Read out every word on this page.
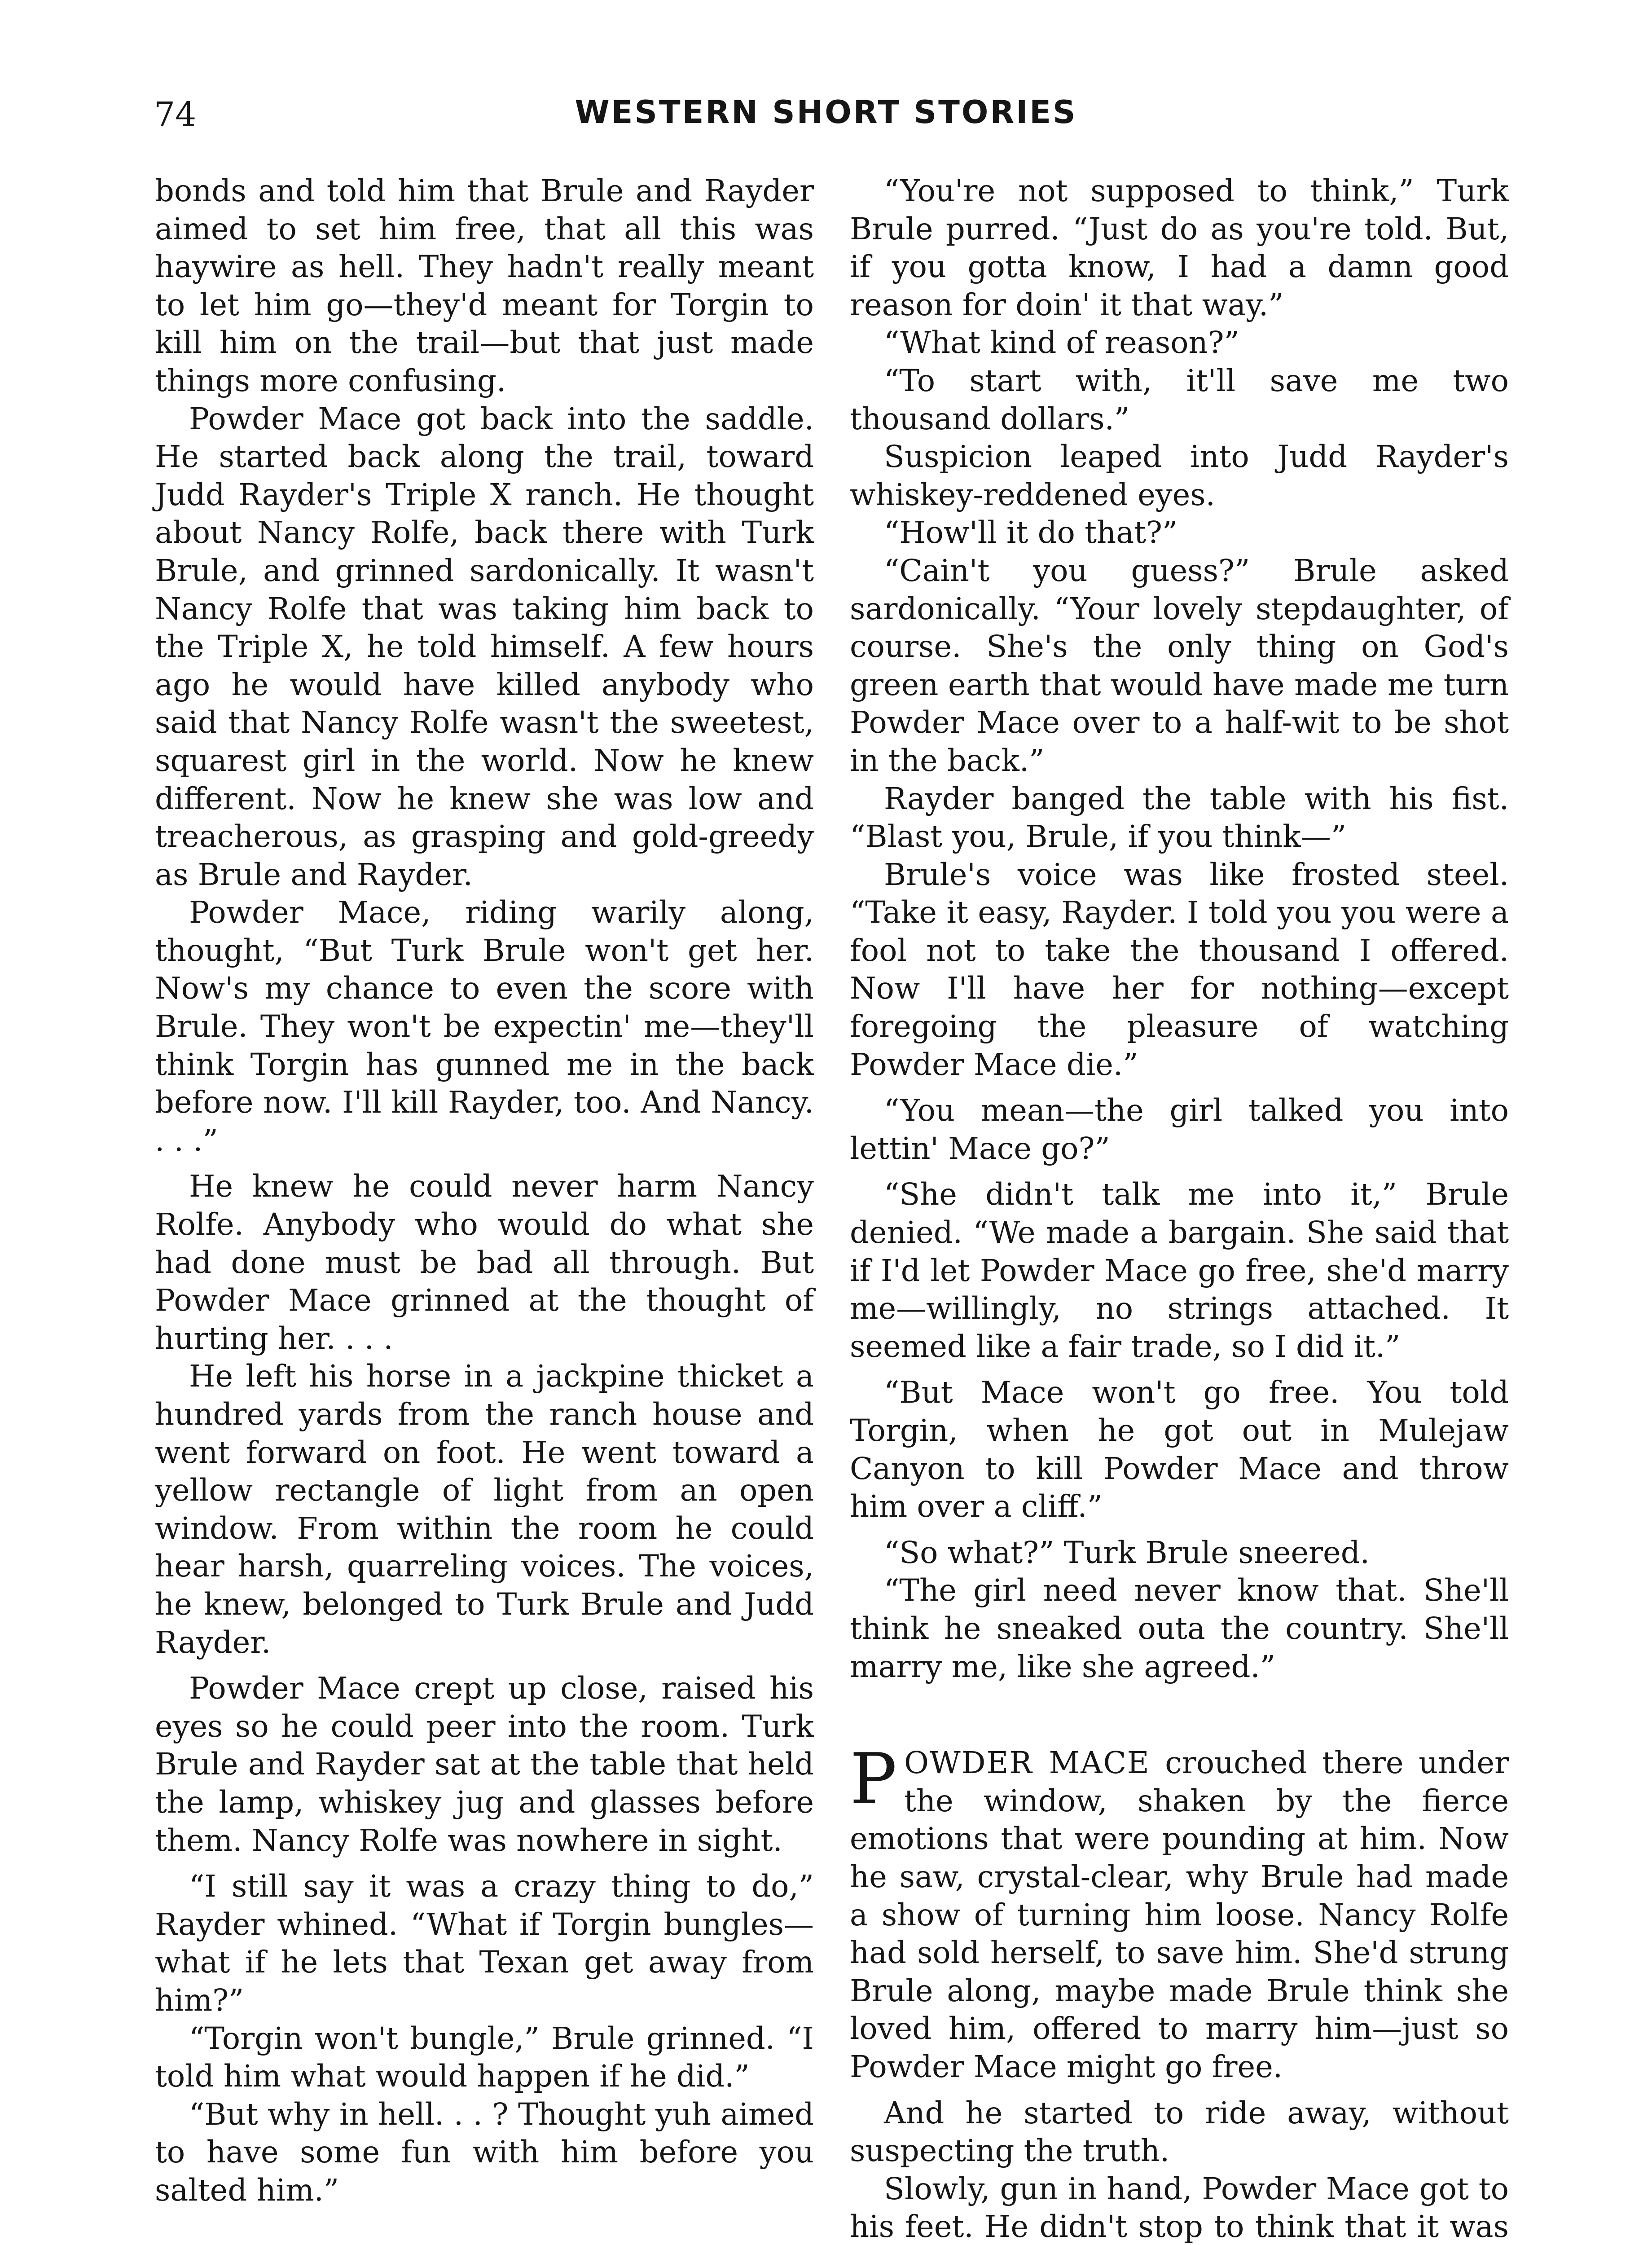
74	WESTERN SHORT STORIES

bonds and told him that Brule and Rayder aimed to set him free, that all this was haywire as hell. They hadn't really meant to let him go—they'd meant for Torgin to kill him on the trail—but that just made things more confusing.

Powder Mace got back into the saddle. He started back along the trail, toward Judd Rayder's Triple X ranch. He thought about Nancy Rolfe, back there with Turk Brule, and grinned sardonically. It wasn't Nancy Rolfe that was taking him back to the Triple X, he told himself. A few hours ago he would have killed anybody who said that Nancy Rolfe wasn't the sweetest, squarest girl in the world. Now he knew different. Now he knew she was low and treacherous, as grasping and gold-greedy as Brule and Rayder.

Powder Mace, riding warily along, thought, “But Turk Brule won't get her. Now's my chance to even the score with Brule. They won't be expectin' me—they'll think Torgin has gunned me in the back before now. I'll kill Rayder, too. And Nancy. . . .”

He knew he could never harm Nancy Rolfe. Anybody who would do what she had done must be bad all through. But Powder Mace grinned at the thought of hurting her. . . .

He left his horse in a jackpine thicket a hundred yards from the ranch house and went forward on foot. He went toward a yellow rectangle of light from an open window. From within the room he could hear harsh, quarreling voices. The voices, he knew, belonged to Turk Brule and Judd Rayder.

Powder Mace crept up close, raised his eyes so he could peer into the room. Turk Brule and Rayder sat at the table that held the lamp, whiskey jug and glasses before them. Nancy Rolfe was nowhere in sight.

“I still say it was a crazy thing to do,” Rayder whined. “What if Torgin bungles—what if he lets that Texan get away from him?”

“Torgin won't bungle,” Brule grinned. “I told him what would happen if he did.”

“But why in hell. . . ? Thought yuh aimed to have some fun with him before you salted him.”

“You're not supposed to think,” Turk Brule purred. “Just do as you're told. But, if you gotta know, I had a damn good reason for doin' it that way.”

“What kind of reason?”

“To start with, it'll save me two thousand dollars.”

Suspicion leaped into Judd Rayder's whiskey-reddened eyes.

“How'll it do that?”

“Cain't you guess?” Brule asked sardonically. “Your lovely stepdaughter, of course. She's the only thing on God's green earth that would have made me turn Powder Mace over to a half-wit to be shot in the back.”

Rayder banged the table with his fist. “Blast you, Brule, if you think—”

Brule's voice was like frosted steel. “Take it easy, Rayder. I told you you were a fool not to take the thousand I offered. Now I'll have her for nothing—except foregoing the pleasure of watching Powder Mace die.”

“You mean—the girl talked you into lettin' Mace go?”

“She didn't talk me into it,” Brule denied. “We made a bargain. She said that if I'd let Powder Mace go free, she'd marry me—willingly, no strings attached. It seemed like a fair trade, so I did it.”

“But Mace won't go free. You told Torgin, when he got out in Mulejaw Canyon to kill Powder Mace and throw him over a cliff.”

“So what?” Turk Brule sneered.

“The girl need never know that. She'll think he sneaked outa the country. She'll marry me, like she agreed.”

POWDER MACE crouched there under the window, shaken by the fierce emotions that were pounding at him. Now he saw, crystal-clear, why Brule had made a show of turning him loose. Nancy Rolfe had sold herself, to save him. She'd strung Brule along, maybe made Brule think she loved him, offered to marry him—just so Powder Mace might go free.

And he started to ride away, without suspecting the truth.

Slowly, gun in hand, Powder Mace got to his feet. He didn't stop to think that it was
